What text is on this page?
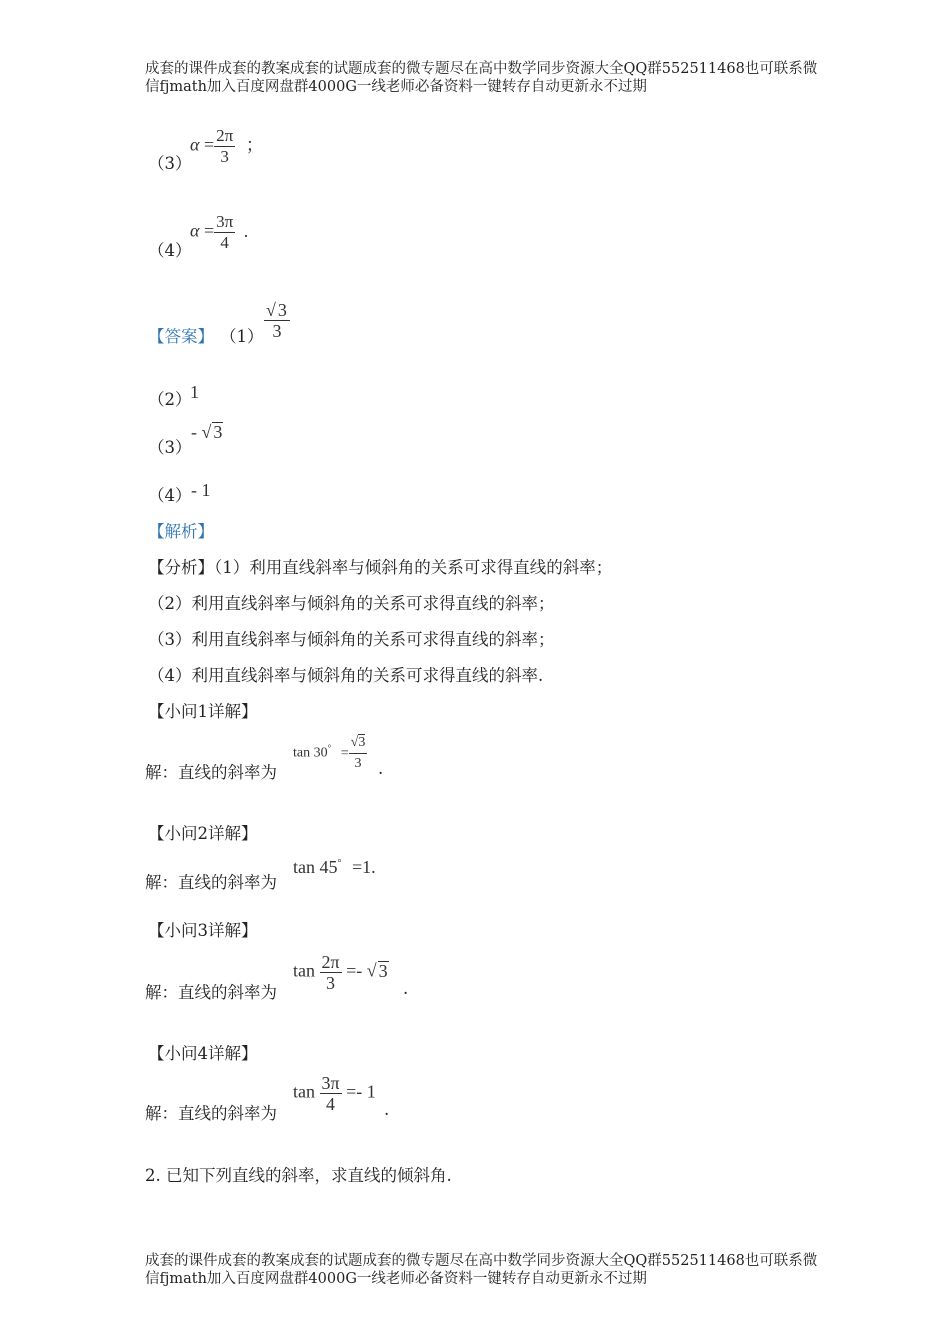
成套的课件成套的教案成套的试题成套的微专题尽在高中数学同步资源大全QQ群552511468也可联系微
信fjmath加入百度网盘群4000G一线老师必备资料一键转存自动更新永不过期
（3）
$\alpha = \frac{2\pi}{3}$ ；
（4）
$\alpha = \frac{3\pi}{4}$ .
【答案】 $(1) \frac{√ 3}{3}$
（2）
1
（3）
- √ 3
（4） - 1
【解析】
【分析】（1）利用直线斜率与倾斜角的关系可求得直线的斜率；
（2）利用直线斜率与倾斜角的关系可求得直线的斜率；
（3）利用直线斜率与倾斜角的关系可求得直线的斜率；
（4）利用直线斜率与倾斜角的关系可求得直线的斜率.
【小问1详解】
解：直线的斜率为
$\tan 30^\circ = \frac{√3}{3}$ .
【小问2详解】
解：直线的斜率为
tan 45° =1.
【小问3详解】
解：直线的斜率为
$\tan \frac{2\pi}{3}$ =- √ 3
.
【小问4详解】
解：直线的斜率为
$\tan \frac{3\pi}{4} =- 1$
.
2. 已知下列直线的斜率，求直线的倾斜角.
成套的课件成套的教案成套的试题成套的微专题尽在高中数学同步资源大全QQ群552511468也可联系微
信fjmath加入百度网盘群4000G一线老师必备资料一键转存自动更新永不过期
